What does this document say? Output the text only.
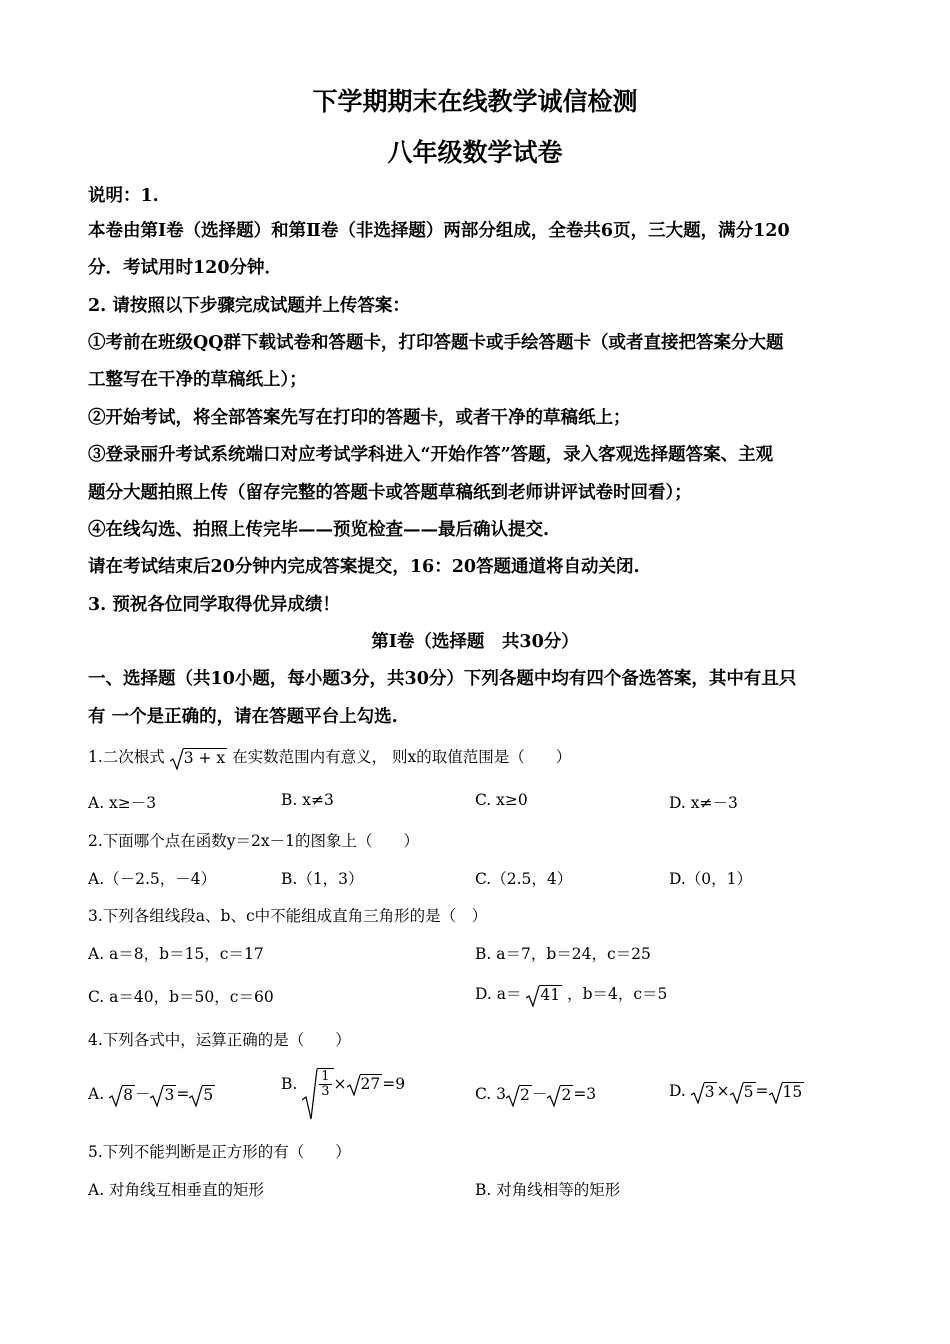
下学期期末在线教学诚信检测
八年级数学试卷
说明：1.
本卷由第Ⅰ卷（选择题）和第Ⅱ卷（非选择题）两部分组成，全卷共6页，三大题，满分120
分．考试用时120分钟．
2. 请按照以下步骤完成试题并上传答案：
①考前在班级QQ群下载试卷和答题卡，打印答题卡或手绘答题卡（或者直接把答案分大题
工整写在干净的草稿纸上）；
②开始考试，将全部答案先写在打印的答题卡，或者干净的草稿纸上；
③登录丽升考试系统端口对应考试学科进入“开始作答”答题，录入客观选择题答案、主观
题分大题拍照上传（留存完整的答题卡或答题草稿纸到老师讲评试卷时回看）；
④在线勾选、拍照上传完毕——预览检查——最后确认提交.
请在考试结束后20分钟内完成答案提交，16：20答题通道将自动关闭.
3. 预祝各位同学取得优异成绩！
第Ⅰ卷（选择题　共30分）
一、选择题（共10小题，每小题3分，共30分）下列各题中均有四个备选答案，其中有且只
有 一个是正确的，请在答题平台上勾选.
1.二次根式 3 + x 在实数范围内有意义， 则x的取值范围是（　　）
A. x≥－3	B. x≠3	C. x≥0	D. x≠－3
2.下面哪个点在函数y＝2x－1的图象上（　　）
A.（－2.5，－4）	B.（1，3）	C.（2.5，4）	D.（0，1）
3.下列各组线段a、b、c中不能组成直角三角形的是（　）
A. a＝8，b＝15，c＝17	B. a＝7，b＝24，c＝25
C. a＝40，b＝50，c＝60	D. a＝ 41 ，b＝4，c＝5
4.下列各式中，运算正确的是（　　）
A. 8 － 3 = 5
B. $\frac{1}{3} \times 27 =9$
C. 3 2 － 2 =3	D. 3 × 5 = 15
5.下列不能判断是正方形的有（　　）
A. 对角线互相垂直的矩形	B. 对角线相等的矩形
